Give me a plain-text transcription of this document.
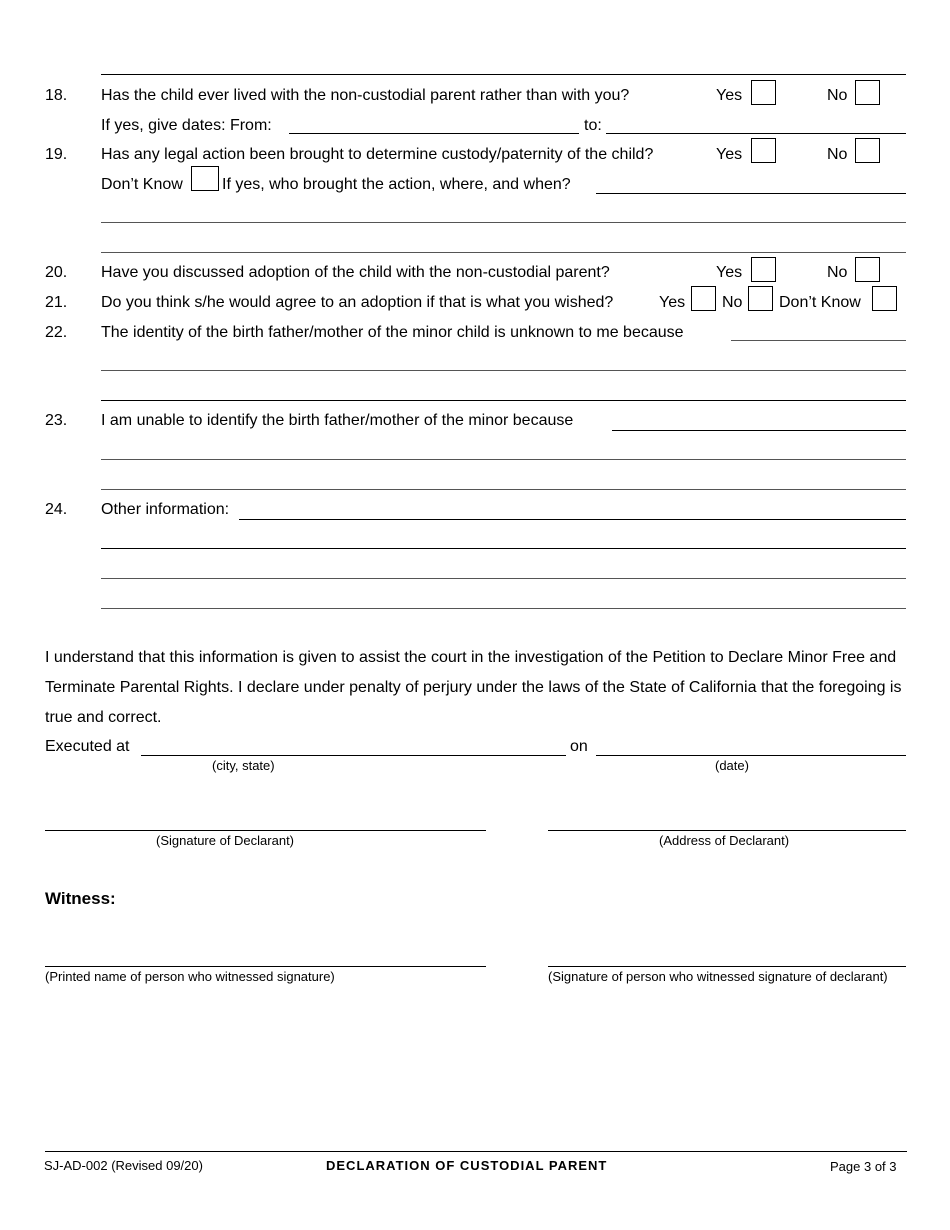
18. Has the child ever lived with the non-custodial parent rather than with you?	Yes	No
If yes, give dates: From:	to:
19. Has any legal action been brought to determine custody/paternity of the child?	Yes	No
Don’t Know If yes, who brought the action, where, and when?
20. Have you discussed adoption of the child with the non-custodial parent?	Yes	No
21. Do you think s/he would agree to an adoption if that is what you wished?	Yes No Don’t Know
22. The identity of the birth father/mother of the minor child is unknown to me because
23. I am unable to identify the birth father/mother of the minor because
24. Other information:
I understand that this information is given to assist the court in the investigation of the Petition to Declare Minor Free and Terminate Parental Rights. I declare under penalty of perjury under the laws of the State of California that the foregoing is true and correct.
Executed at	on
(city, state)	(date)
(Signature of Declarant)	(Address of Declarant)
Witness:
(Printed name of person who witnessed signature)	(Signature of person who witnessed signature of declarant)
SJ-AD-002 (Revised 09/20)	DECLARATION OF CUSTODIAL PARENT	Page 3 of 3
